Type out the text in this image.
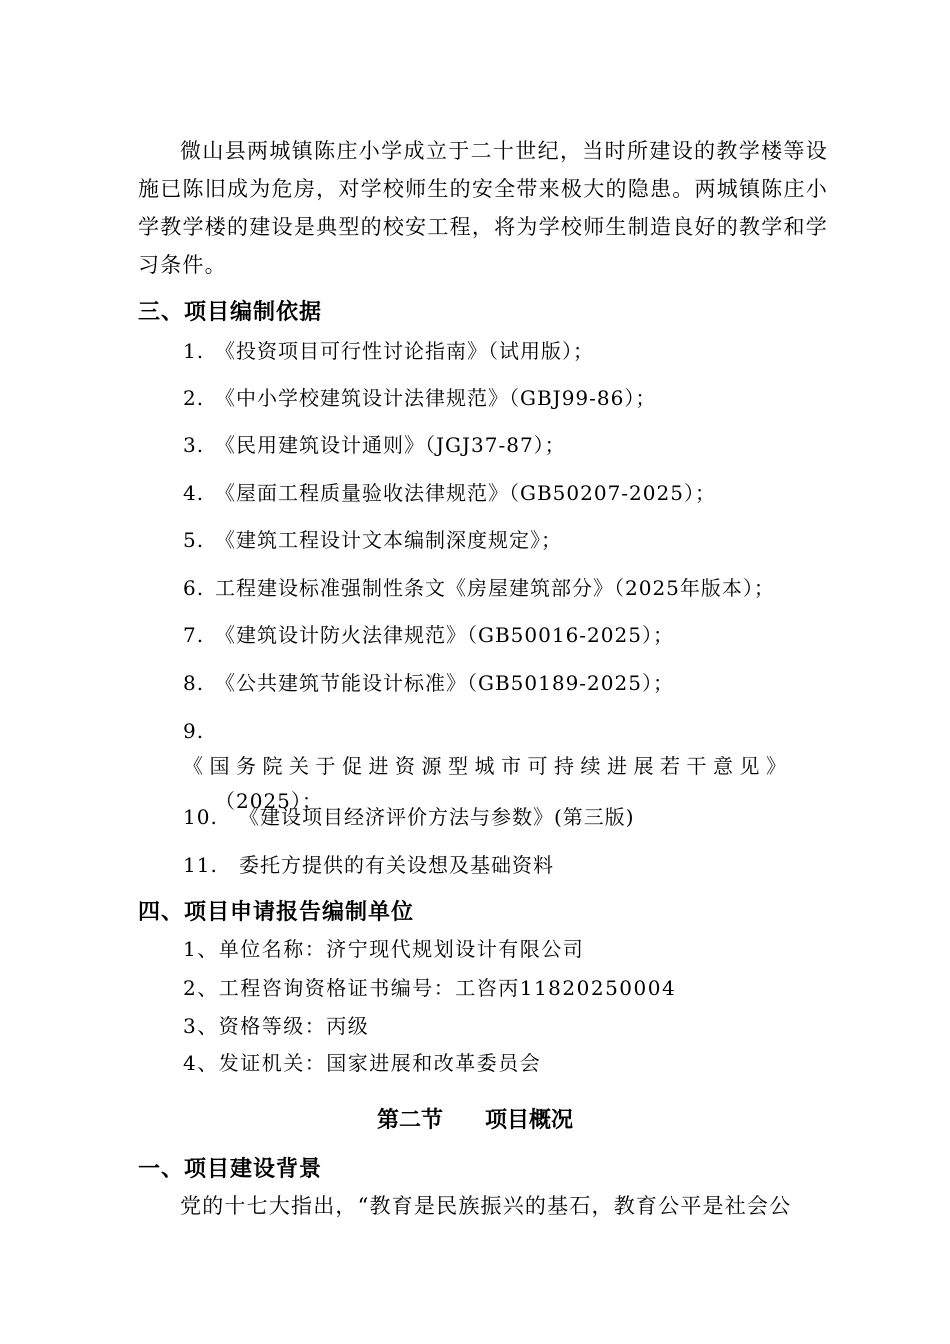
微山县两城镇陈庄小学成立于二十世纪，当时所建设的教学楼等设施已陈旧成为危房，对学校师生的安全带来极大的隐患。两城镇陈庄小学教学楼的建设是典型的校安工程，将为学校师生制造良好的教学和学习条件。
三、项目编制依据
1. 《投资项目可行性讨论指南》（试用版）；
2. 《中小学校建筑设计法律规范》（GBJ99-86）；
3. 《民用建筑设计通则》（JGJ37-87）；
4. 《屋面工程质量验收法律规范》（GB50207-2025）；
5. 《建筑工程设计文本编制深度规定》；
6. 工程建设标准强制性条文《房屋建筑部分》（2025年版本）；
7. 《建筑设计防火法律规范》（GB50016-2025）；
8. 《公共建筑节能设计标准》（GB50189-2025）；
9.《国务院关于促进资源型城市可持续进展若干意见》
（2025）；
10. 《建设项目经济评价方法与参数》(第三版)
11. 委托方提供的有关设想及基础资料
四、项目申请报告编制单位
1、单位名称：济宁现代规划设计有限公司
2、工程咨询资格证书编号：工咨丙11820250004
3、资格等级：丙级
4、发证机关：国家进展和改革委员会
第二节 项目概况
一、项目建设背景
党的十七大指出，“教育是民族振兴的基石，教育公平是社会公
